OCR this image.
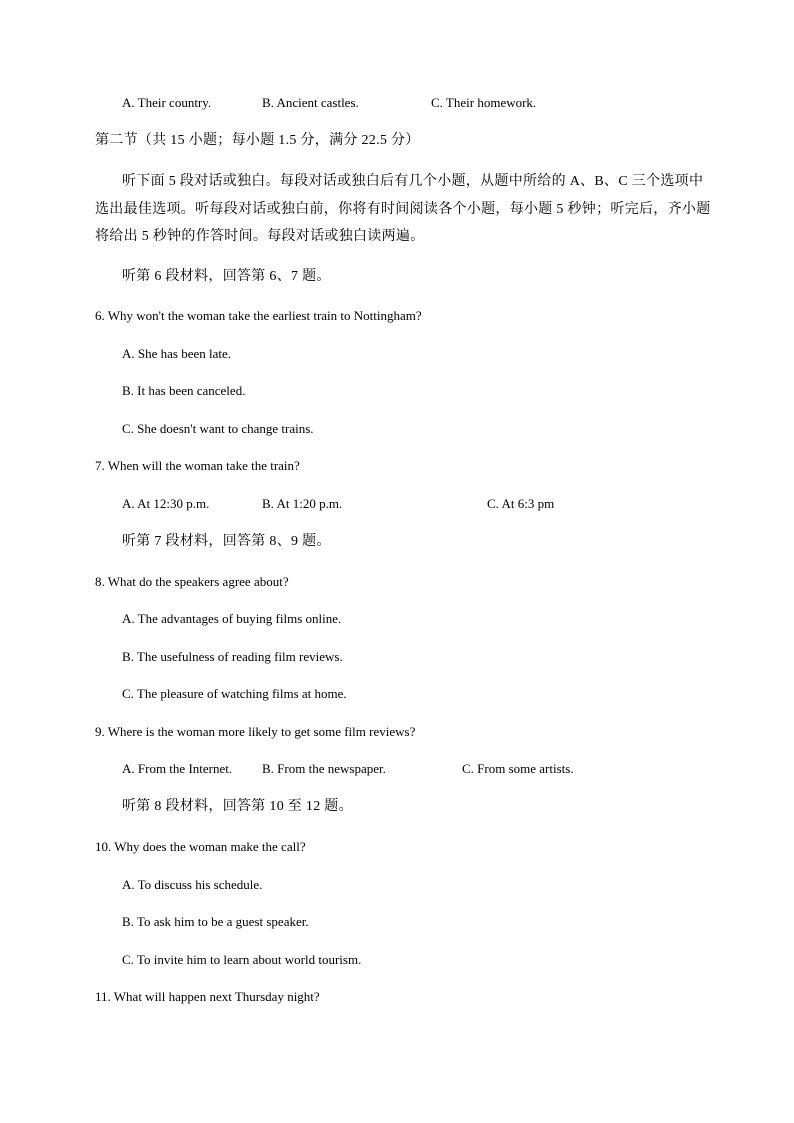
A. Their country.	B. Ancient castles.	C. Their homework.
第二节（共 15 小题；每小题 1.5 分，满分 22.5 分）
听下面 5 段对话或独白。每段对话或独白后有几个小题，从题中所给的 A、B、C 三个选项中
选出最佳选项。听每段对话或独白前，你将有时间阅读各个小题，每小题 5 秒钟；听完后，齐小题
将给出 5 秒钟的作答时间。每段对话或独白读两遍。
听第 6 段材料，回答第 6、7 题。
6. Why won't the woman take the earliest train to Nottingham?
A. She has been late.
B. It has been canceled.
C. She doesn't want to change trains.
7. When will the woman take the train?
A. At 12:30 p.m.	B. At 1:20 p.m.	C. At 6:3 pm
听第 7 段材料，回答第 8、9 题。
8. What do the speakers agree about?
A. The advantages of buying films online.
B. The usefulness of reading film reviews.
C. The pleasure of watching films at home.
9. Where is the woman more likely to get some film reviews?
A. From the Internet. B. From the newspaper.	C. From some artists.
听第 8 段材料，回答第 10 至 12 题。
10. Why does the woman make the call?
A. To discuss his schedule.
B. To ask him to be a guest speaker.
C. To invite him to learn about world tourism.
11. What will happen next Thursday night?
